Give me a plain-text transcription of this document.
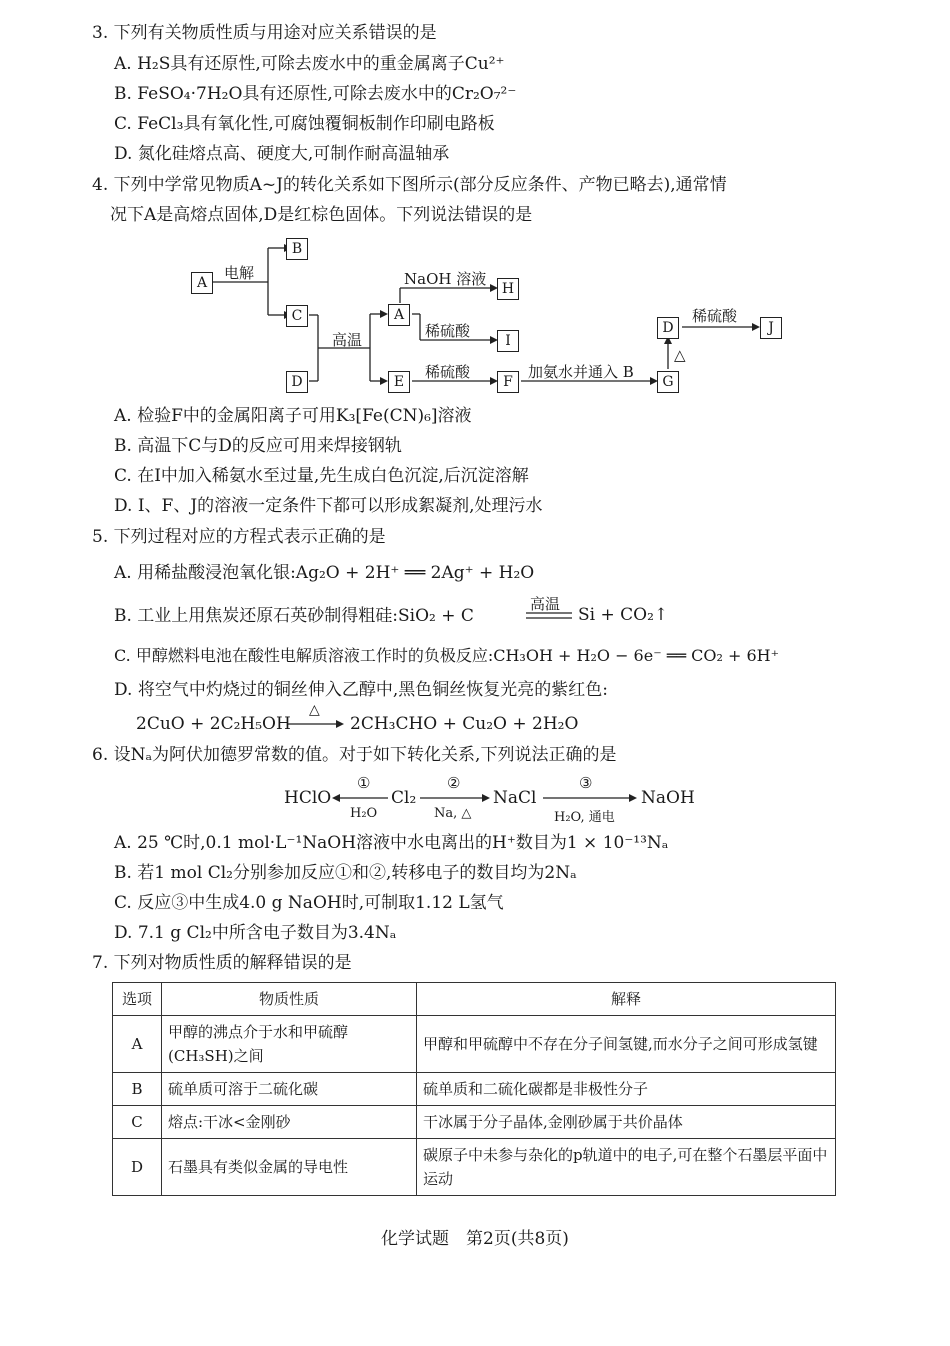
3. 下列有关物质性质与用途对应关系错误的是
A. H₂S具有还原性,可除去废水中的重金属离子Cu²⁺
B. FeSO₄·7H₂O具有还原性,可除去废水中的Cr₂O₇²⁻
C. FeCl₃具有氧化性,可腐蚀覆铜板制作印刷电路板
D. 氮化硅熔点高、硬度大,可制作耐高温轴承
4. 下列中学常见物质A~J的转化关系如下图所示(部分反应条件、产物已略去),通常情
况下A是高熔点固体,D是红棕色固体。下列说法错误的是
A
B
C
D
A
H
I
E	F	G
D	J
电解
高温
NaOH 溶液
稀硫酸
稀硫酸	加氨水并通入 B
△
稀硫酸
A. 检验F中的金属阳离子可用K₃[Fe(CN)₆]溶液
B. 高温下C与D的反应可用来焊接钢轨
C. 在I中加入稀氨水至过量,先生成白色沉淀,后沉淀溶解
D. I、F、J的溶液一定条件下都可以形成絮凝剂,处理污水
5. 下列过程对应的方程式表示正确的是
A. 用稀盐酸浸泡氧化银:Ag₂O + 2H⁺ ══ 2Ag⁺ + H₂O
B. 工业上用焦炭还原石英砂制得粗硅:SiO₂ + C
高温
Si + CO₂↑
C. 甲醇燃料电池在酸性电解质溶液工作时的负极反应:CH₃OH + H₂O − 6e⁻ ══ CO₂ + 6H⁺
D. 将空气中灼烧过的铜丝伸入乙醇中,黑色铜丝恢复光亮的紫红色:
2CuO + 2C₂H₅OH
△
2CH₃CHO + Cu₂O + 2H₂O
6. 设Nₐ为阿伏加德罗常数的值。对于如下转化关系,下列说法正确的是
HClO
①
H₂O
Cl₂
②
Na, △
NaCl
③
H₂O, 通电
NaOH
A. 25 ℃时,0.1 mol·L⁻¹NaOH溶液中水电离出的H⁺数目为1 × 10⁻¹³Nₐ
B. 若1 mol Cl₂分别参加反应①和②,转移电子的数目均为2Nₐ
C. 反应③中生成4.0 g NaOH时,可制取1.12 L氢气
D. 7.1 g Cl₂中所含电子数目为3.4Nₐ
7. 下列对物质性质的解释错误的是
选项	物质性质	解释
A	甲醇的沸点介于水和甲硫醇(CH₃SH)之间	甲醇和甲硫醇中不存在分子间氢键,而水分子之间可形成氢键
B	硫单质可溶于二硫化碳	硫单质和二硫化碳都是非极性分子
C	熔点:干冰<金刚砂	干冰属于分子晶体,金刚砂属于共价晶体
D	石墨具有类似金属的导电性	碳原子中未参与杂化的p轨道中的电子,可在整个石墨层平面中运动
化学试题　第2页(共8页)
